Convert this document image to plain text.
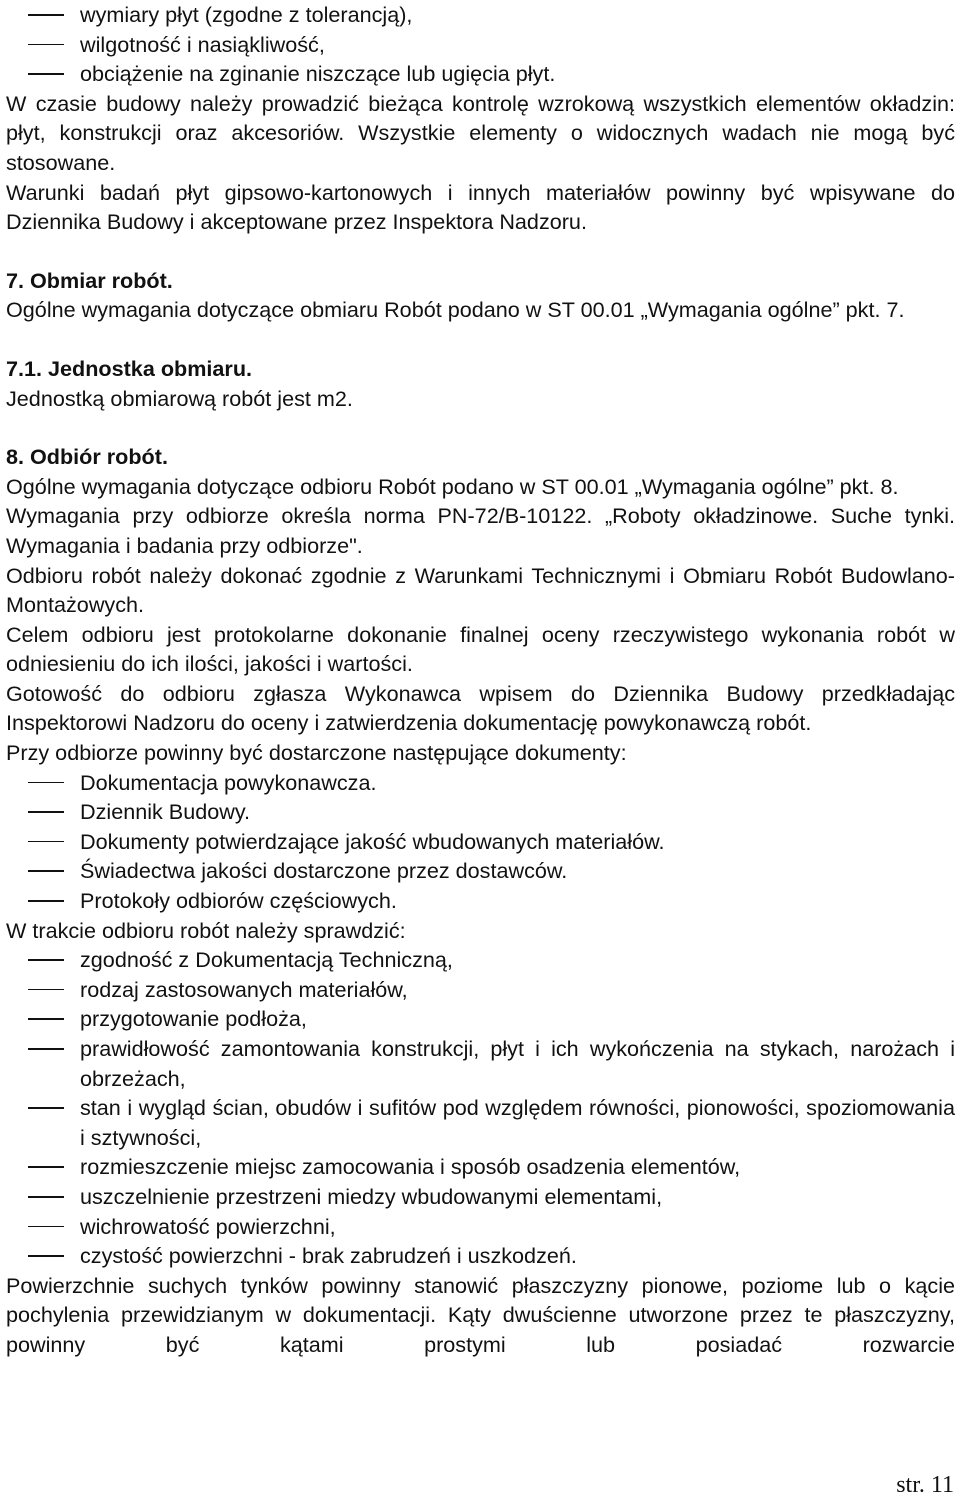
wymiary płyt (zgodne z tolerancją),
wilgotność i nasiąkliwość,
obciążenie na zginanie niszczące lub ugięcia płyt.

W czasie budowy należy prowadzić bieżąca kontrolę wzrokową wszystkich elementów okładzin: płyt, konstrukcji oraz akcesoriów. Wszystkie elementy o widocznych wadach nie mogą być stosowane.

Warunki badań płyt gipsowo-kartonowych i innych materiałów powinny być wpisywane do Dziennika Budowy i akceptowane przez Inspektora Nadzoru.

7. Obmiar robót.

Ogólne wymagania dotyczące obmiaru Robót podano w ST 00.01 „Wymagania ogólne” pkt. 7.

7.1. Jednostka obmiaru.

Jednostką obmiarową robót jest m2.

8. Odbiór robót.

Ogólne wymagania dotyczące odbioru Robót podano w ST 00.01 „Wymagania ogólne” pkt. 8.

Wymagania przy odbiorze określa norma PN-72/B-10122. „Roboty okładzinowe. Suche tynki. Wymagania i badania przy odbiorze".

Odbioru robót należy dokonać zgodnie z Warunkami Technicznymi i Obmiaru Robót Budowlano-Montażowych.

Celem odbioru jest protokolarne dokonanie finalnej oceny rzeczywistego wykonania robót w odniesieniu do ich ilości, jakości i wartości.

Gotowość do odbioru zgłasza Wykonawca wpisem do Dziennika Budowy przedkładając Inspektorowi Nadzoru do oceny i zatwierdzenia dokumentację powykonawczą robót.

Przy odbiorze powinny być dostarczone następujące dokumenty:

Dokumentacja powykonawcza.
Dziennik Budowy.
Dokumenty potwierdzające jakość wbudowanych materiałów.
Świadectwa jakości dostarczone przez dostawców.
Protokoły odbiorów częściowych.

W trakcie odbioru robót należy sprawdzić:

zgodność z Dokumentacją Techniczną,
rodzaj zastosowanych materiałów,
przygotowanie podłoża,
prawidłowość zamontowania konstrukcji, płyt i ich wykończenia na stykach, narożach i obrzeżach,
stan i wygląd ścian, obudów i sufitów pod względem równości, pionowości, spoziomowania i sztywności,
rozmieszczenie miejsc zamocowania i sposób osadzenia elementów,
uszczelnienie przestrzeni miedzy wbudowanymi elementami,
wichrowatość powierzchni,
czystość powierzchni - brak zabrudzeń i uszkodzeń.

Powierzchnie suchych tynków powinny stanowić płaszczyzny pionowe, poziome lub o kącie pochylenia przewidzianym w dokumentacji. Kąty dwuścienne utworzone przez te płaszczyzny, powinny być kątami prostymi lub posiadać rozwarcie

str. 11
